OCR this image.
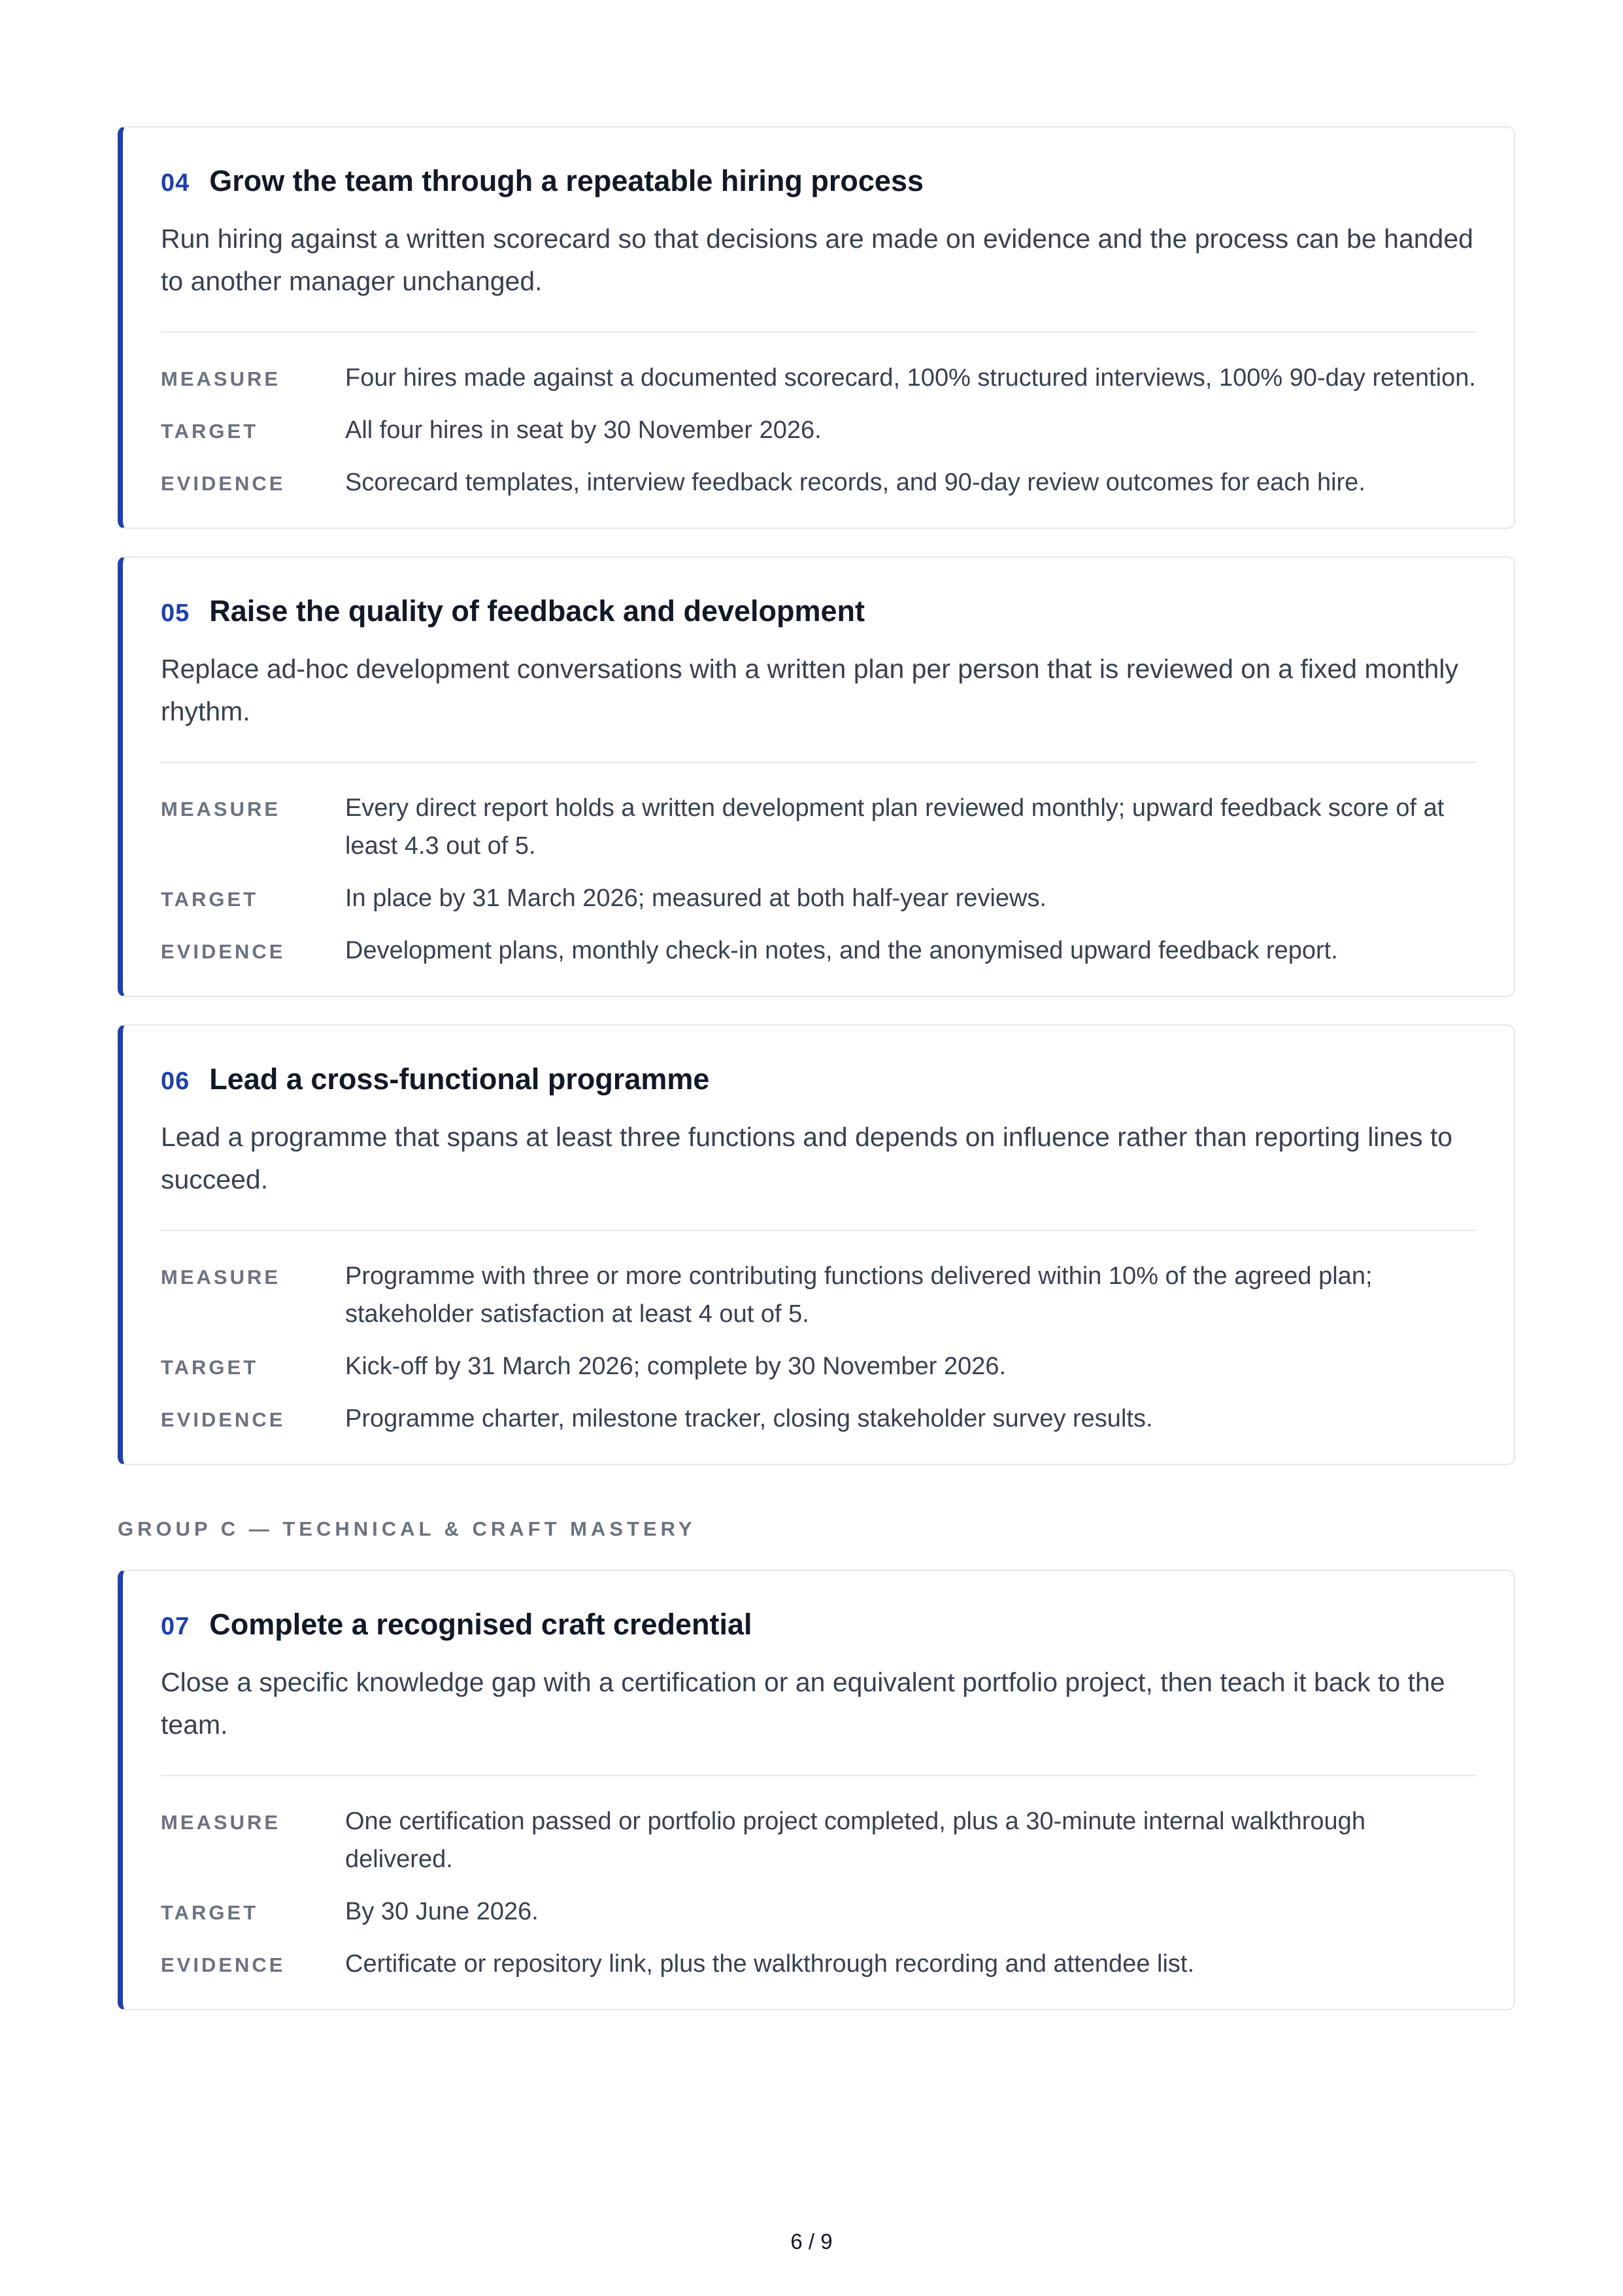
04 Grow the team through a repeatable hiring process

Run hiring against a written scorecard so that decisions are made on evidence and the process can be handed to another manager unchanged.

MEASURE	Four hires made against a documented scorecard, 100% structured interviews, 100% 90-day retention.
TARGET	All four hires in seat by 30 November 2026.
EVIDENCE	Scorecard templates, interview feedback records, and 90-day review outcomes for each hire.
05 Raise the quality of feedback and development

Replace ad-hoc development conversations with a written plan per person that is reviewed on a fixed monthly rhythm.

MEASURE	Every direct report holds a written development plan reviewed monthly; upward feedback score of at least 4.3 out of 5.
TARGET	In place by 31 March 2026; measured at both half-year reviews.
EVIDENCE	Development plans, monthly check-in notes, and the anonymised upward feedback report.
06 Lead a cross-functional programme

Lead a programme that spans at least three functions and depends on influence rather than reporting lines to succeed.

MEASURE	Programme with three or more contributing functions delivered within 10% of the agreed plan; stakeholder satisfaction at least 4 out of 5.
TARGET	Kick-off by 31 March 2026; complete by 30 November 2026.
EVIDENCE	Programme charter, milestone tracker, closing stakeholder survey results.
GROUP C — TECHNICAL & CRAFT MASTERY
07 Complete a recognised craft credential

Close a specific knowledge gap with a certification or an equivalent portfolio project, then teach it back to the team.

MEASURE	One certification passed or portfolio project completed, plus a 30-minute internal walkthrough delivered.
TARGET	By 30 June 2026.
EVIDENCE	Certificate or repository link, plus the walkthrough recording and attendee list.
6 / 9
